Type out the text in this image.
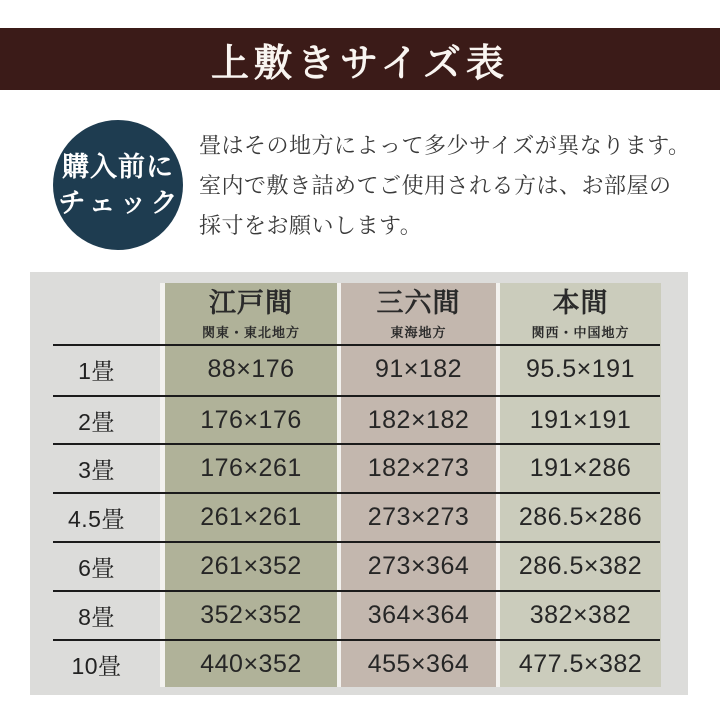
上敷きサイズ表
購入前に
チェック
畳はその地方によって多少サイズが異なります。
室内で敷き詰めてご使用される方は、お部屋の
採寸をお願いします。
江戸間
関東・東北地方
三六間
東海地方
本間
関西・中国地方
1畳	88×176	91×182	95.5×191
2畳	176×176	182×182	191×191
3畳	176×261	182×273	191×286
4.5畳	261×261	273×273	286.5×286
6畳	261×352	273×364	286.5×382
8畳	352×352	364×364	382×382
10畳	440×352	455×364	477.5×382
